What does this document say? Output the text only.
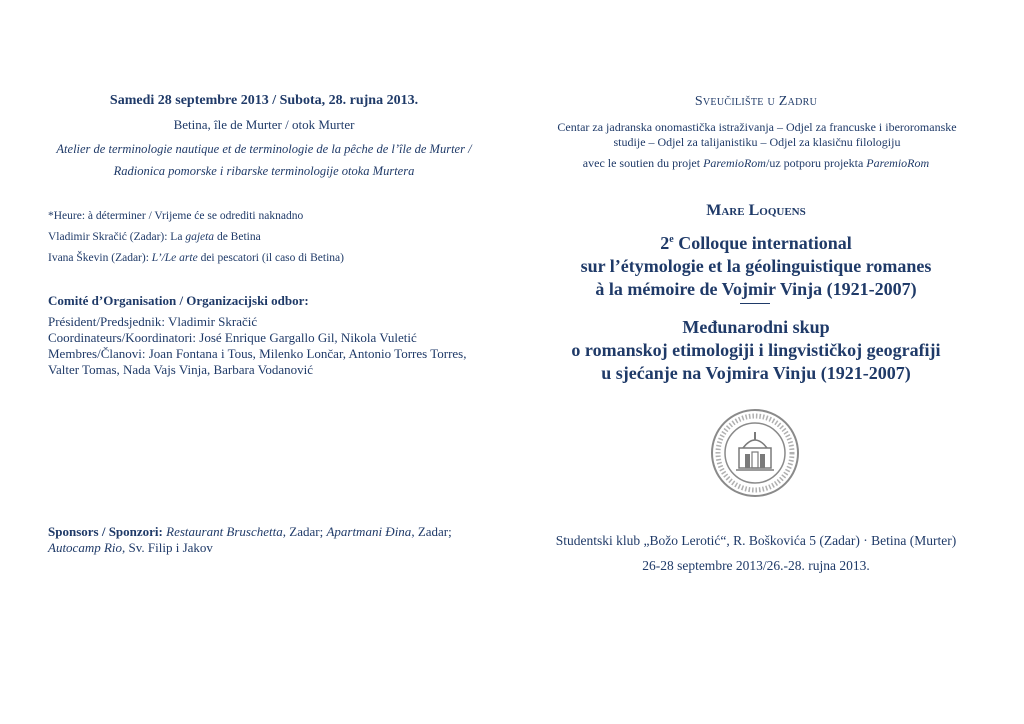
Samedi 28 septembre 2013 / Subota, 28. rujna 2013.
Betina, île de Murter / otok Murter
Atelier de terminologie nautique et de terminologie de la pêche de l’île de Murter /
Radionica pomorske i ribarske terminologije otoka Murtera
*Heure: à déterminer / Vrijeme će se odrediti naknadno
Vladimir Skračić (Zadar): La gajeta de Betina
Ivana Škevin (Zadar): L’/Le arte dei pescatori (il caso di Betina)
Comité d’Organisation / Organizacijski odbor:
Président/Predsjednik: Vladimir Skračić
Coordinateurs/Koordinatori: José Enrique Gargallo Gil, Nikola Vuletić
Membres/Članovi: Joan Fontana i Tous, Milenko Lončar, Antonio Torres Torres,
Valter Tomas, Nada Vajs Vinja, Barbara Vodanović
Sponsors / Sponzori: Restaurant Bruschetta, Zadar; Apartmani Đina, Zadar;
Autocamp Rio, Sv. Filip i Jakov
Sveučilište u Zadru
Centar za jadranska onomastička istraživanja – Odjel za francuske i iberoromanske
studije – Odjel za talijanistiku – Odjel za klasičnu filologiju
avec le soutien du projet ParemioRom/uz potporu projekta ParemioRom
Mare Loquens
2e Colloque international
sur l’étymologie et la géolinguistique romanes
à la mémoire de Vojmir Vinja (1921-2007)
Međunarodni skup
o romanskoj etimologiji i lingvističkoj geografiji
u sjećanje na Vojmira Vinju (1921-2007)
Studentski klub „Božo Lerotić“, R. Boškovića 5 (Zadar) · Betina (Murter)
26-28 septembre 2013/26.-28. rujna 2013.
